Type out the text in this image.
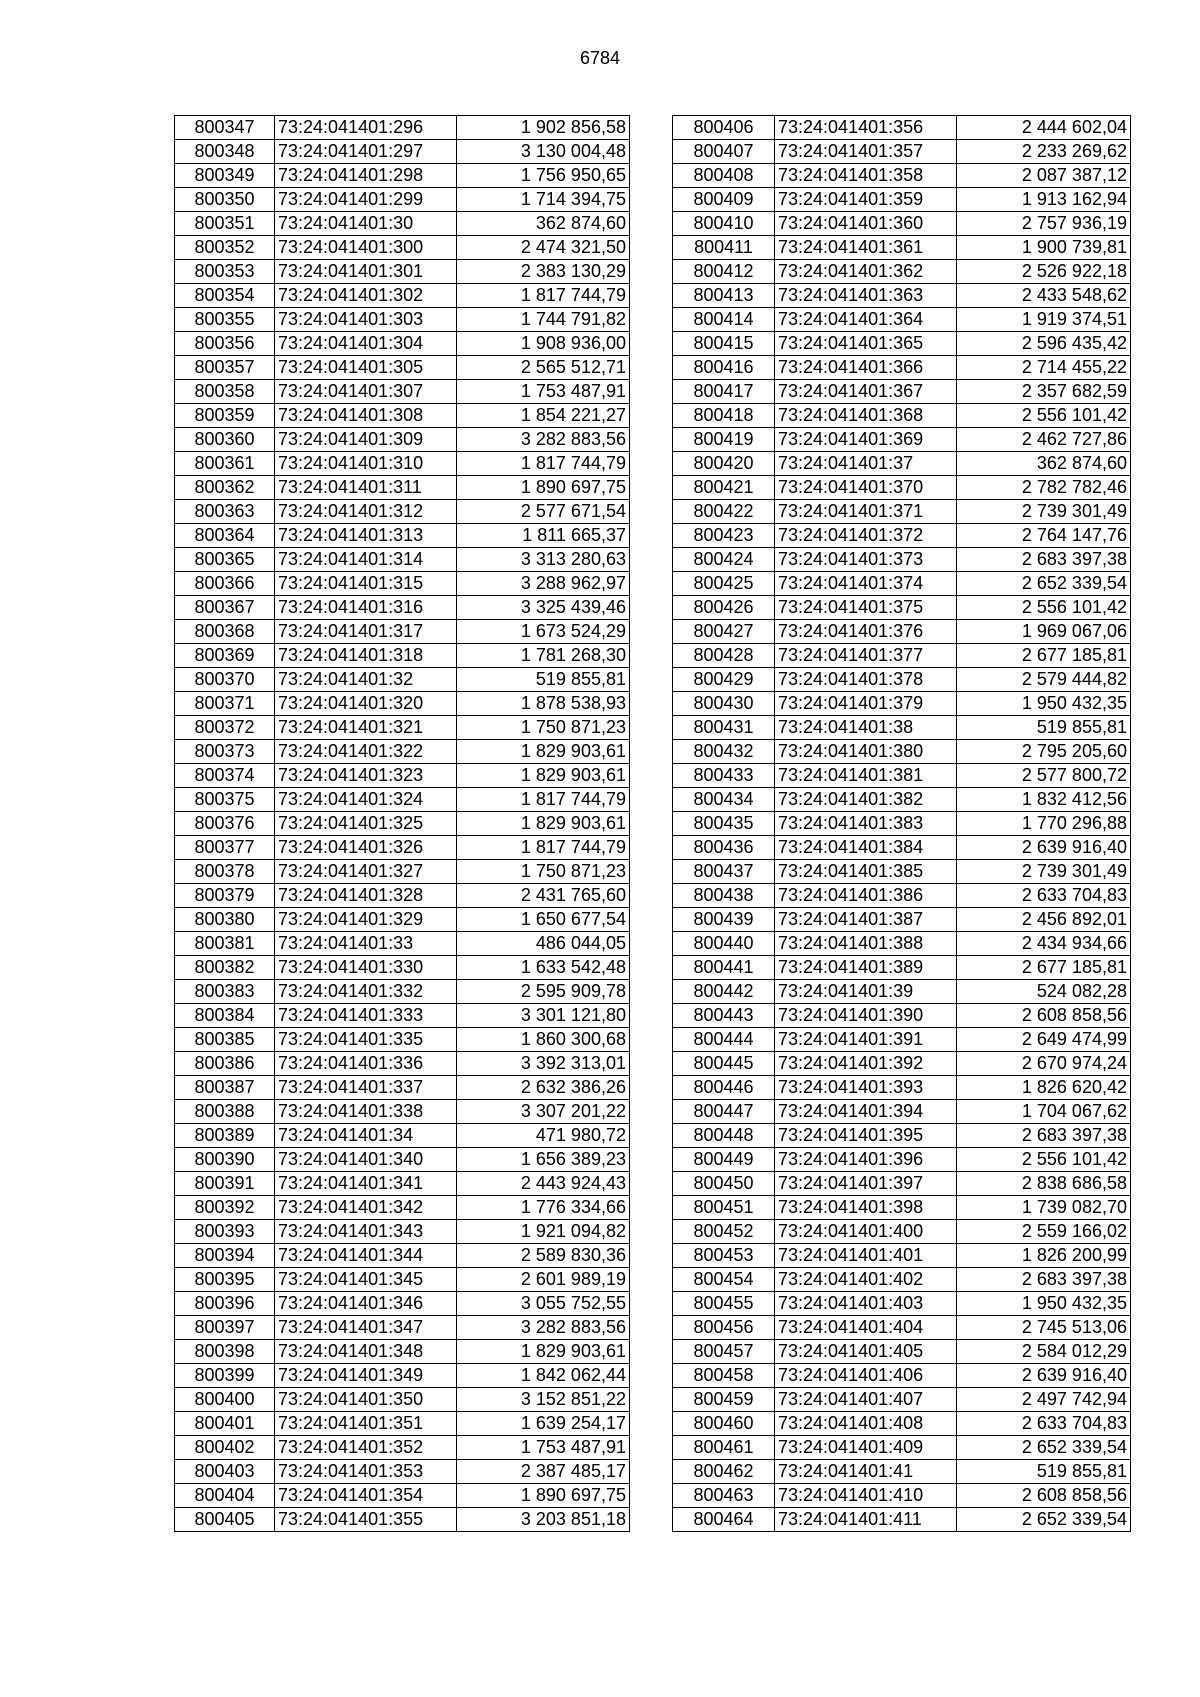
6784
800347	73:24:041401:296	1 902 856,58
800348	73:24:041401:297	3 130 004,48
800349	73:24:041401:298	1 756 950,65
800350	73:24:041401:299	1 714 394,75
800351	73:24:041401:30	362 874,60
800352	73:24:041401:300	2 474 321,50
800353	73:24:041401:301	2 383 130,29
800354	73:24:041401:302	1 817 744,79
800355	73:24:041401:303	1 744 791,82
800356	73:24:041401:304	1 908 936,00
800357	73:24:041401:305	2 565 512,71
800358	73:24:041401:307	1 753 487,91
800359	73:24:041401:308	1 854 221,27
800360	73:24:041401:309	3 282 883,56
800361	73:24:041401:310	1 817 744,79
800362	73:24:041401:311	1 890 697,75
800363	73:24:041401:312	2 577 671,54
800364	73:24:041401:313	1 811 665,37
800365	73:24:041401:314	3 313 280,63
800366	73:24:041401:315	3 288 962,97
800367	73:24:041401:316	3 325 439,46
800368	73:24:041401:317	1 673 524,29
800369	73:24:041401:318	1 781 268,30
800370	73:24:041401:32	519 855,81
800371	73:24:041401:320	1 878 538,93
800372	73:24:041401:321	1 750 871,23
800373	73:24:041401:322	1 829 903,61
800374	73:24:041401:323	1 829 903,61
800375	73:24:041401:324	1 817 744,79
800376	73:24:041401:325	1 829 903,61
800377	73:24:041401:326	1 817 744,79
800378	73:24:041401:327	1 750 871,23
800379	73:24:041401:328	2 431 765,60
800380	73:24:041401:329	1 650 677,54
800381	73:24:041401:33	486 044,05
800382	73:24:041401:330	1 633 542,48
800383	73:24:041401:332	2 595 909,78
800384	73:24:041401:333	3 301 121,80
800385	73:24:041401:335	1 860 300,68
800386	73:24:041401:336	3 392 313,01
800387	73:24:041401:337	2 632 386,26
800388	73:24:041401:338	3 307 201,22
800389	73:24:041401:34	471 980,72
800390	73:24:041401:340	1 656 389,23
800391	73:24:041401:341	2 443 924,43
800392	73:24:041401:342	1 776 334,66
800393	73:24:041401:343	1 921 094,82
800394	73:24:041401:344	2 589 830,36
800395	73:24:041401:345	2 601 989,19
800396	73:24:041401:346	3 055 752,55
800397	73:24:041401:347	3 282 883,56
800398	73:24:041401:348	1 829 903,61
800399	73:24:041401:349	1 842 062,44
800400	73:24:041401:350	3 152 851,22
800401	73:24:041401:351	1 639 254,17
800402	73:24:041401:352	1 753 487,91
800403	73:24:041401:353	2 387 485,17
800404	73:24:041401:354	1 890 697,75
800405	73:24:041401:355	3 203 851,18
800406	73:24:041401:356	2 444 602,04
800407	73:24:041401:357	2 233 269,62
800408	73:24:041401:358	2 087 387,12
800409	73:24:041401:359	1 913 162,94
800410	73:24:041401:360	2 757 936,19
800411	73:24:041401:361	1 900 739,81
800412	73:24:041401:362	2 526 922,18
800413	73:24:041401:363	2 433 548,62
800414	73:24:041401:364	1 919 374,51
800415	73:24:041401:365	2 596 435,42
800416	73:24:041401:366	2 714 455,22
800417	73:24:041401:367	2 357 682,59
800418	73:24:041401:368	2 556 101,42
800419	73:24:041401:369	2 462 727,86
800420	73:24:041401:37	362 874,60
800421	73:24:041401:370	2 782 782,46
800422	73:24:041401:371	2 739 301,49
800423	73:24:041401:372	2 764 147,76
800424	73:24:041401:373	2 683 397,38
800425	73:24:041401:374	2 652 339,54
800426	73:24:041401:375	2 556 101,42
800427	73:24:041401:376	1 969 067,06
800428	73:24:041401:377	2 677 185,81
800429	73:24:041401:378	2 579 444,82
800430	73:24:041401:379	1 950 432,35
800431	73:24:041401:38	519 855,81
800432	73:24:041401:380	2 795 205,60
800433	73:24:041401:381	2 577 800,72
800434	73:24:041401:382	1 832 412,56
800435	73:24:041401:383	1 770 296,88
800436	73:24:041401:384	2 639 916,40
800437	73:24:041401:385	2 739 301,49
800438	73:24:041401:386	2 633 704,83
800439	73:24:041401:387	2 456 892,01
800440	73:24:041401:388	2 434 934,66
800441	73:24:041401:389	2 677 185,81
800442	73:24:041401:39	524 082,28
800443	73:24:041401:390	2 608 858,56
800444	73:24:041401:391	2 649 474,99
800445	73:24:041401:392	2 670 974,24
800446	73:24:041401:393	1 826 620,42
800447	73:24:041401:394	1 704 067,62
800448	73:24:041401:395	2 683 397,38
800449	73:24:041401:396	2 556 101,42
800450	73:24:041401:397	2 838 686,58
800451	73:24:041401:398	1 739 082,70
800452	73:24:041401:400	2 559 166,02
800453	73:24:041401:401	1 826 200,99
800454	73:24:041401:402	2 683 397,38
800455	73:24:041401:403	1 950 432,35
800456	73:24:041401:404	2 745 513,06
800457	73:24:041401:405	2 584 012,29
800458	73:24:041401:406	2 639 916,40
800459	73:24:041401:407	2 497 742,94
800460	73:24:041401:408	2 633 704,83
800461	73:24:041401:409	2 652 339,54
800462	73:24:041401:41	519 855,81
800463	73:24:041401:410	2 608 858,56
800464	73:24:041401:411	2 652 339,54
